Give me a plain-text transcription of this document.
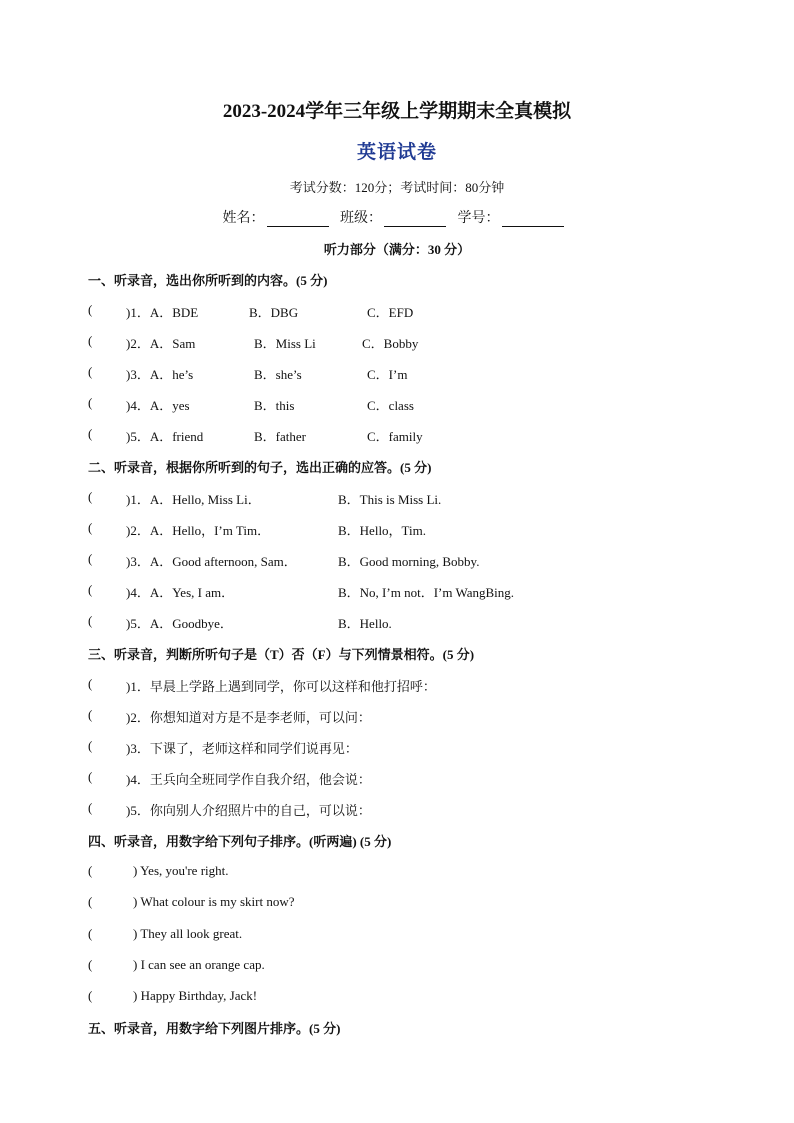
2023-2024学年三年级上学期期末全真模拟
英语试卷
考试分数：120分；考试时间：80分钟
姓名：	班级：	学号：
听力部分（满分：30 分）
一、听录音，选出你所听到的内容。(5 分)
(	)1．A．BDE	B．DBG	C．EFD
(	)2．A．Sam	B．Miss Li	C．Bobby
(	)3．A．he’s	B．she’s	C．I’m
(	)4．A．yes	B．this	C．class
(	)5．A．friend	B．father	C．family
二、听录音，根据你所听到的句子，选出正确的应答。(5 分)
(	)1．A．Hello, Miss Li．	B．This is Miss Li.
(	)2．A．Hello，I’m Tim．	B．Hello，Tim.
(	)3．A．Good afternoon, Sam．	B．Good morning, Bobby.
(	)4．A．Yes, I am．	B．No, I’m not．I’m WangBing.
(	)5．A．Goodbye．	B．Hello.
三、听录音，判断所听句子是（T）否（F）与下列情景相符。(5 分)
(	)1．早晨上学路上遇到同学，你可以这样和他打招呼：
(	)2．你想知道对方是不是李老师，可以问：
(	)3．下课了，老师这样和同学们说再见：
(	)4．王兵向全班同学作自我介绍，他会说：
(	)5．你向别人介绍照片中的自己，可以说：
四、听录音，用数字给下列句子排序。(听两遍) (5 分)
(	) Yes, you're right.
(	) What colour is my skirt now?
(	) They all look great.
(	) I can see an orange cap.
(	) Happy Birthday, Jack!
五、听录音，用数字给下列图片排序。(5 分)
